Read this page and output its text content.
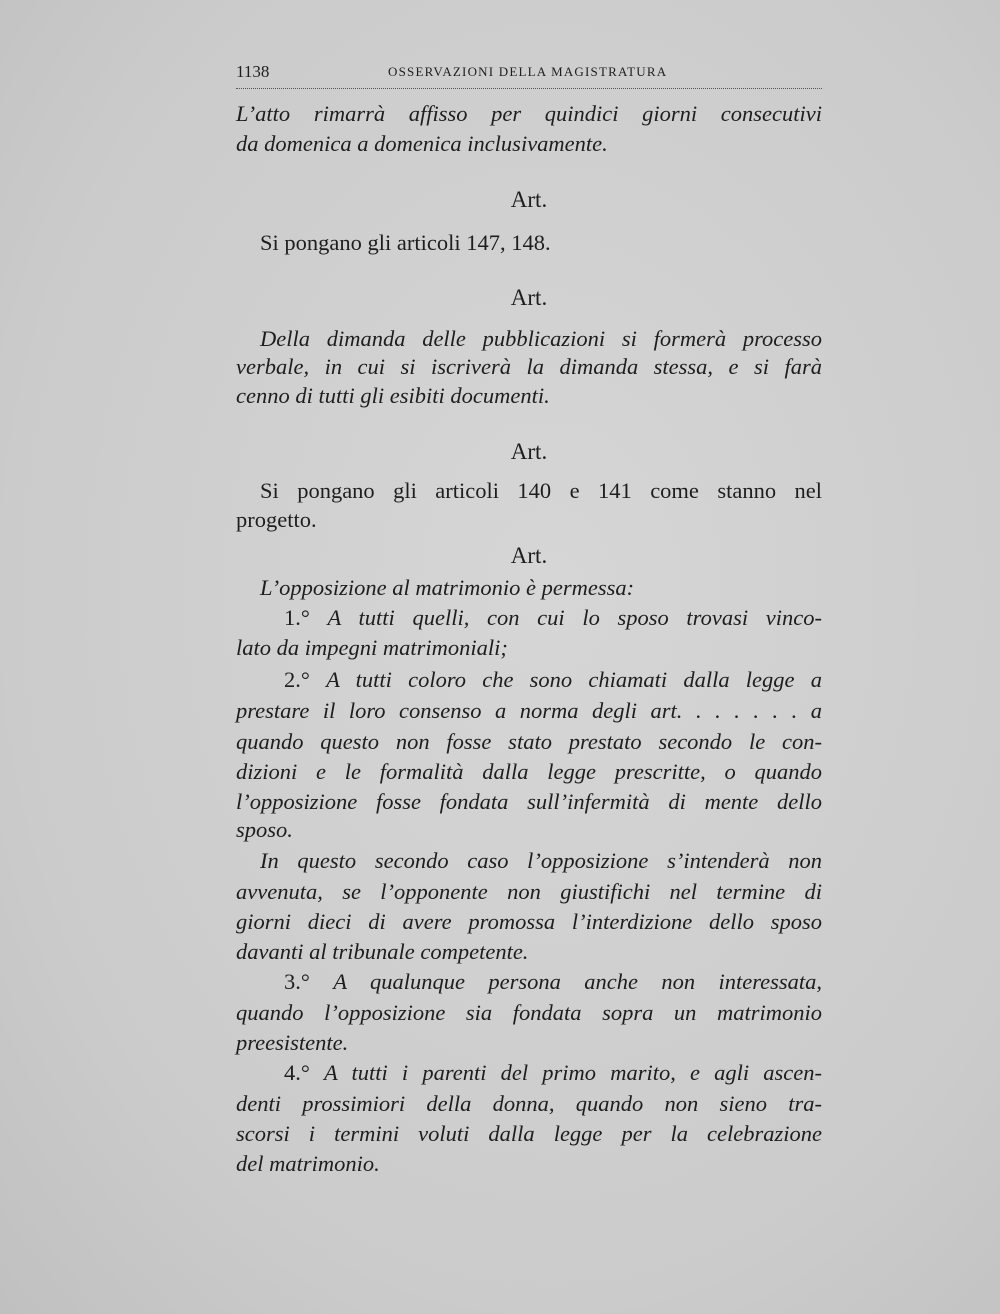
1138	OSSERVAZIONI DELLA MAGISTRATURA
L’atto rimarrà affisso per quindici giorni consecutivi
da domenica a domenica inclusivamente.
Art.
Si pongano gli articoli 147, 148.
Art.
Della dimanda delle pubblicazioni si formerà processo
verbale, in cui si iscriverà la dimanda stessa, e si farà
cenno di tutti gli esibiti documenti.
Art.
Si pongano gli articoli 140 e 141 come stanno nel
progetto.
Art.
L’opposizione al matrimonio è permessa:
1.° A tutti quelli, con cui lo sposo trovasi vinco-
lato da impegni matrimoniali;
2.° A tutti coloro che sono chiamati dalla legge a
prestare il loro consenso a norma degli art. . . . . . . a
quando questo non fosse stato prestato secondo le con-
dizioni e le formalità dalla legge prescritte, o quando
l’opposizione fosse fondata sull’infermità di mente dello
sposo.
In questo secondo caso l’opposizione s’intenderà non
avvenuta, se l’opponente non giustifichi nel termine di
giorni dieci di avere promossa l’interdizione dello sposo
davanti al tribunale competente.
3.° A qualunque persona anche non interessata,
quando l’opposizione sia fondata sopra un matrimonio
preesistente.
4.° A tutti i parenti del primo marito, e agli ascen-
denti prossimiori della donna, quando non sieno tra-
scorsi i termini voluti dalla legge per la celebrazione
del matrimonio.
